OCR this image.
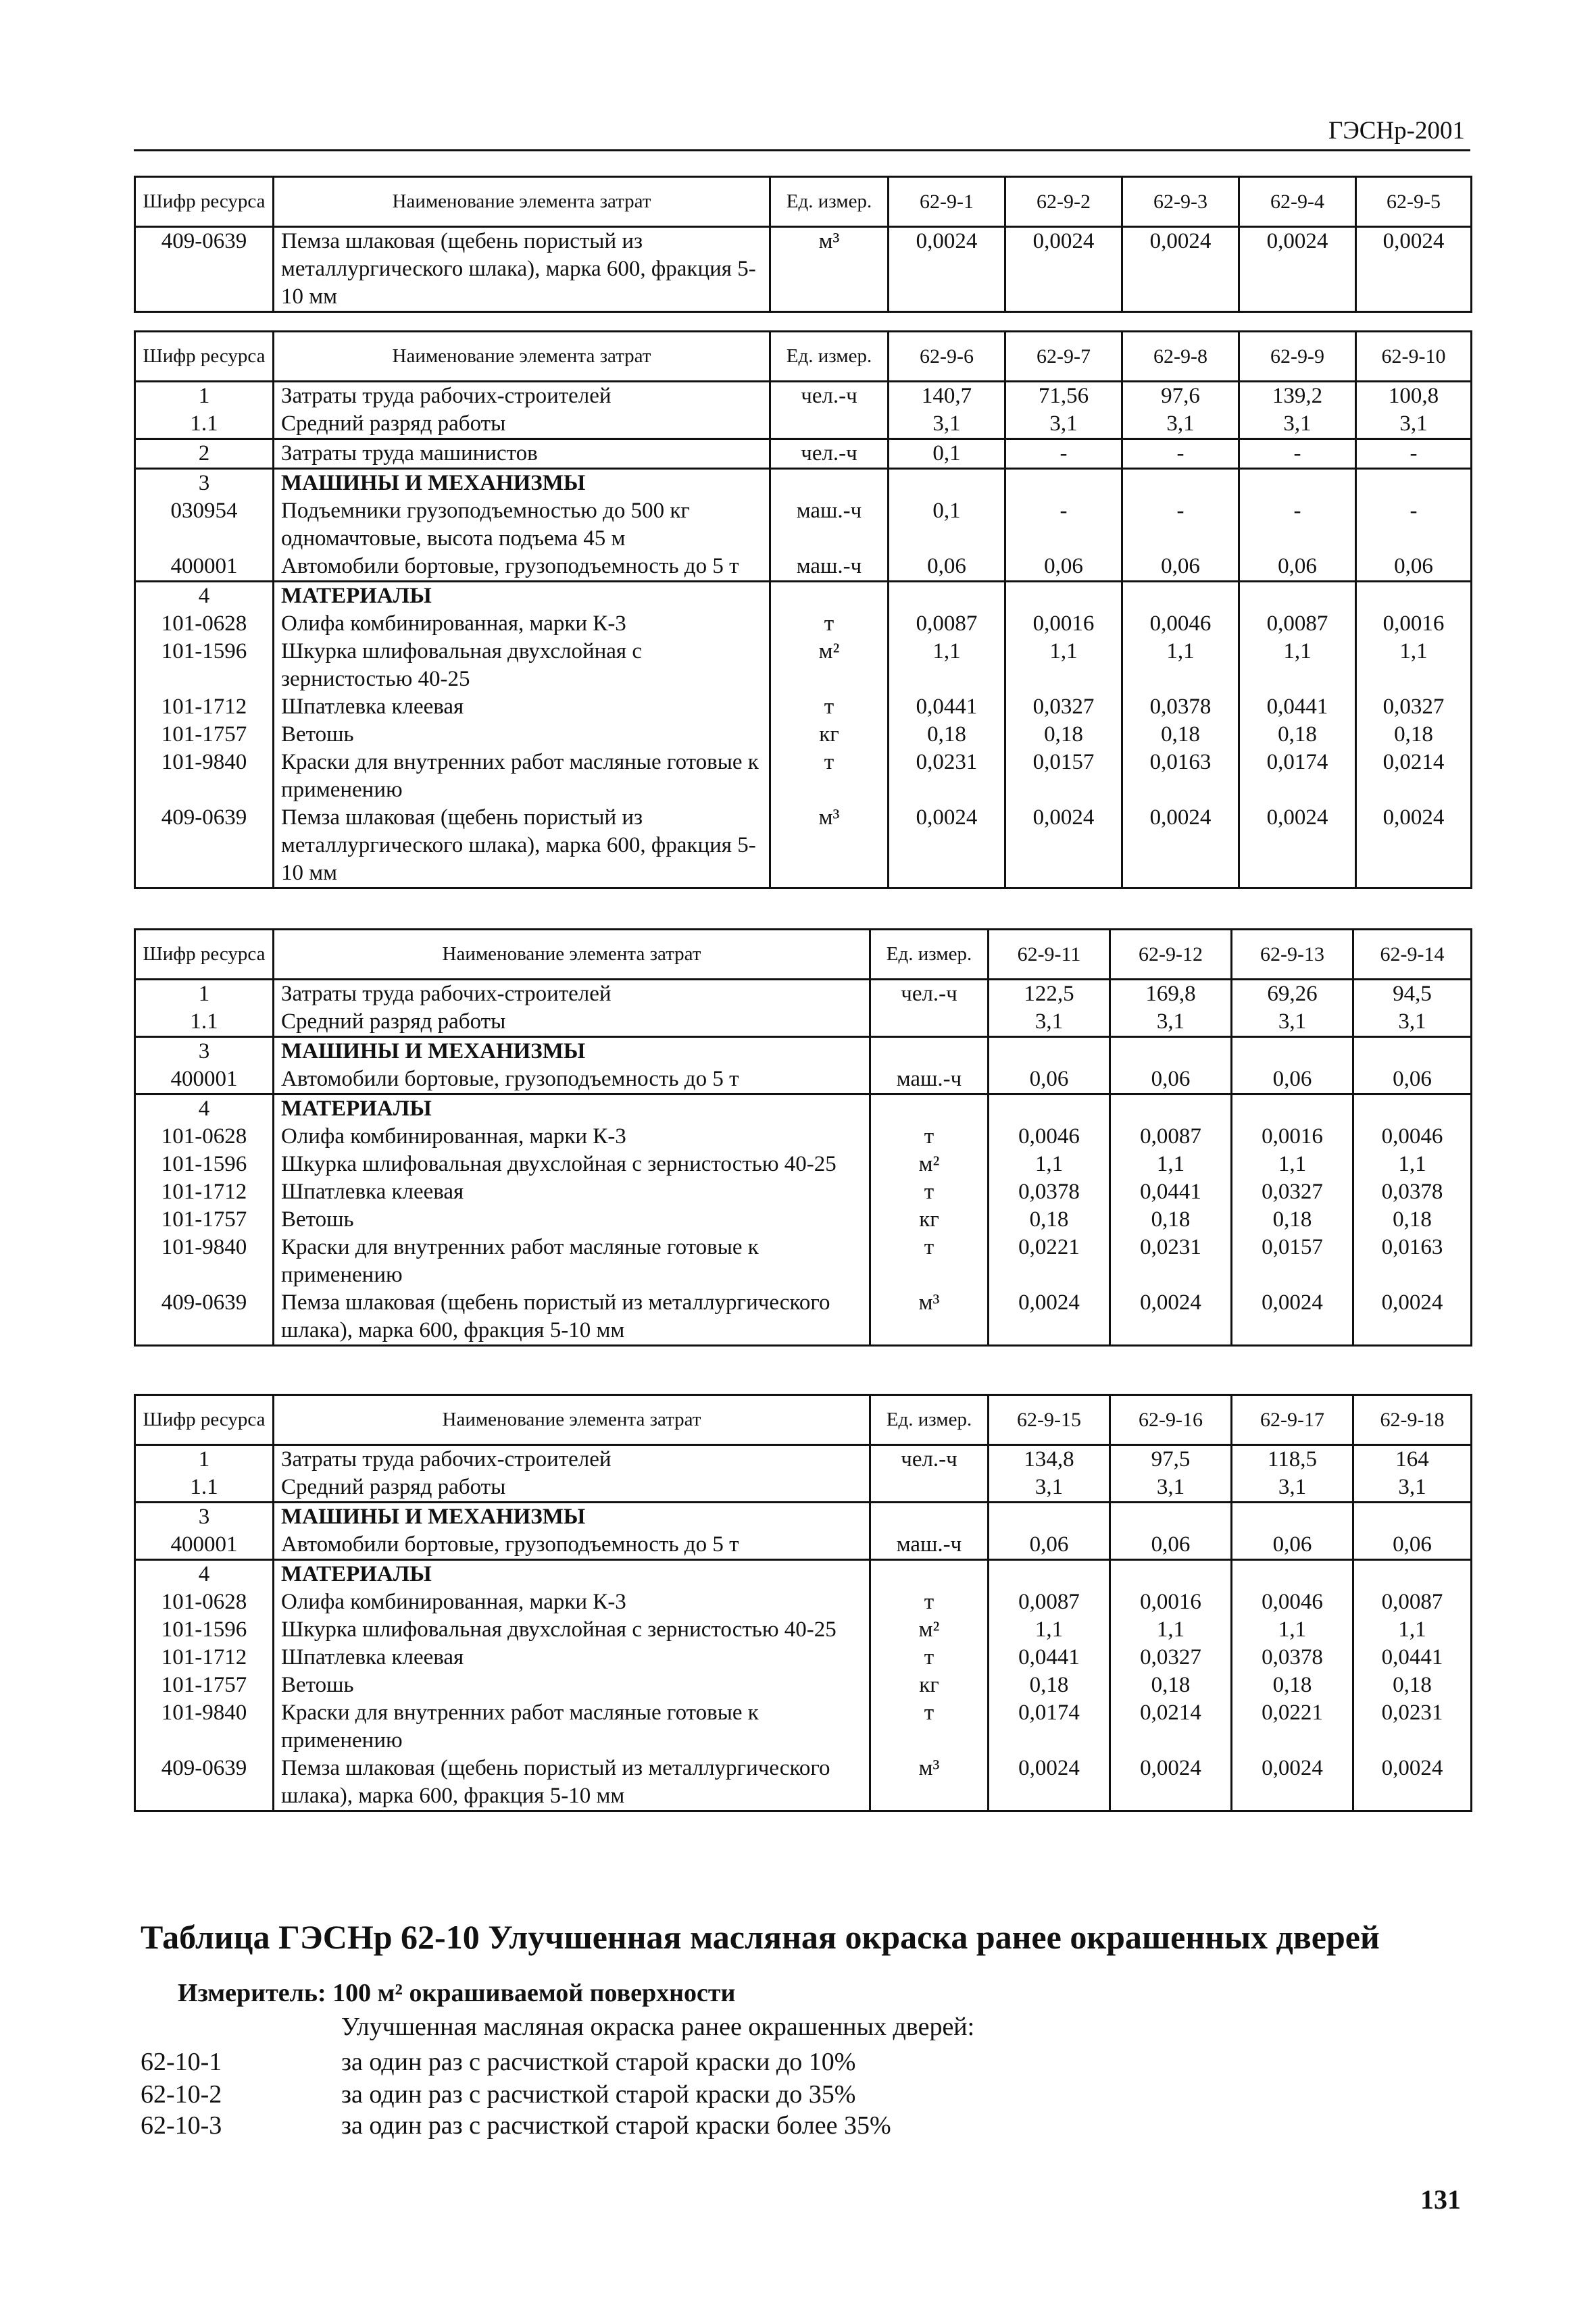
ГЭСНр-2001
Шифр ресурса	Наименование элемента затрат	Ед. измер.	62-9-1	62-9-2	62-9-3	62-9-4	62-9-5
409-0639	Пемза шлаковая (щебень пористый из металлургического шлака), марка 600, фракция 5-10 мм	м³	0,0024	0,0024	0,0024	0,0024	0,0024
Шифр ресурса	Наименование элемента затрат	Ед. измер.	62-9-6	62-9-7	62-9-8	62-9-9	62-9-10
1	Затраты труда рабочих-строителей	чел.-ч	140,7	71,56	97,6	139,2	100,8
1.1	Средний разряд работы		3,1	3,1	3,1	3,1	3,1
2	Затраты труда машинистов	чел.-ч	0,1	-	-	-	-
3	МАШИНЫ И МЕХАНИЗМЫ						
030954	Подъемники грузоподъемностью до 500 кг одномачтовые, высота подъема 45 м	маш.-ч	0,1	-	-	-	-
400001	Автомобили бортовые, грузоподъемность до 5 т	маш.-ч	0,06	0,06	0,06	0,06	0,06
4	МАТЕРИАЛЫ						
101-0628	Олифа комбинированная, марки К-3	т	0,0087	0,0016	0,0046	0,0087	0,0016
101-1596	Шкурка шлифовальная двухслойная с зернистостью 40-25	м²	1,1	1,1	1,1	1,1	1,1
101-1712	Шпатлевка клеевая	т	0,0441	0,0327	0,0378	0,0441	0,0327
101-1757	Ветошь	кг	0,18	0,18	0,18	0,18	0,18
101-9840	Краски для внутренних работ масляные готовые к применению	т	0,0231	0,0157	0,0163	0,0174	0,0214
409-0639	Пемза шлаковая (щебень пористый из металлургического шлака), марка 600, фракция 5-10 мм	м³	0,0024	0,0024	0,0024	0,0024	0,0024
Шифр ресурса	Наименование элемента затрат	Ед. измер.	62-9-11	62-9-12	62-9-13	62-9-14
1	Затраты труда рабочих-строителей	чел.-ч	122,5	169,8	69,26	94,5
1.1	Средний разряд работы		3,1	3,1	3,1	3,1
3	МАШИНЫ И МЕХАНИЗМЫ					
400001	Автомобили бортовые, грузоподъемность до 5 т	маш.-ч	0,06	0,06	0,06	0,06
4	МАТЕРИАЛЫ					
101-0628	Олифа комбинированная, марки К-3	т	0,0046	0,0087	0,0016	0,0046
101-1596	Шкурка шлифовальная двухслойная с зернистостью 40-25	м²	1,1	1,1	1,1	1,1
101-1712	Шпатлевка клеевая	т	0,0378	0,0441	0,0327	0,0378
101-1757	Ветошь	кг	0,18	0,18	0,18	0,18
101-9840	Краски для внутренних работ масляные готовые к применению	т	0,0221	0,0231	0,0157	0,0163
409-0639	Пемза шлаковая (щебень пористый из металлургического шлака), марка 600, фракция 5-10 мм	м³	0,0024	0,0024	0,0024	0,0024
Шифр ресурса	Наименование элемента затрат	Ед. измер.	62-9-15	62-9-16	62-9-17	62-9-18
1	Затраты труда рабочих-строителей	чел.-ч	134,8	97,5	118,5	164
1.1	Средний разряд работы		3,1	3,1	3,1	3,1
3	МАШИНЫ И МЕХАНИЗМЫ					
400001	Автомобили бортовые, грузоподъемность до 5 т	маш.-ч	0,06	0,06	0,06	0,06
4	МАТЕРИАЛЫ					
101-0628	Олифа комбинированная, марки К-3	т	0,0087	0,0016	0,0046	0,0087
101-1596	Шкурка шлифовальная двухслойная с зернистостью 40-25	м²	1,1	1,1	1,1	1,1
101-1712	Шпатлевка клеевая	т	0,0441	0,0327	0,0378	0,0441
101-1757	Ветошь	кг	0,18	0,18	0,18	0,18
101-9840	Краски для внутренних работ масляные готовые к применению	т	0,0174	0,0214	0,0221	0,0231
409-0639	Пемза шлаковая (щебень пористый из металлургического шлака), марка 600, фракция 5-10 мм	м³	0,0024	0,0024	0,0024	0,0024
Таблица ГЭСНр 62-10 Улучшенная масляная окраска ранее окрашенных дверей
Измеритель: 100 м² окрашиваемой поверхности
Улучшенная масляная окраска ранее окрашенных дверей:
62-10-1	за один раз с расчисткой старой краски до 10%
62-10-2	за один раз с расчисткой старой краски до 35%
62-10-3	за один раз с расчисткой старой краски более 35%
131
